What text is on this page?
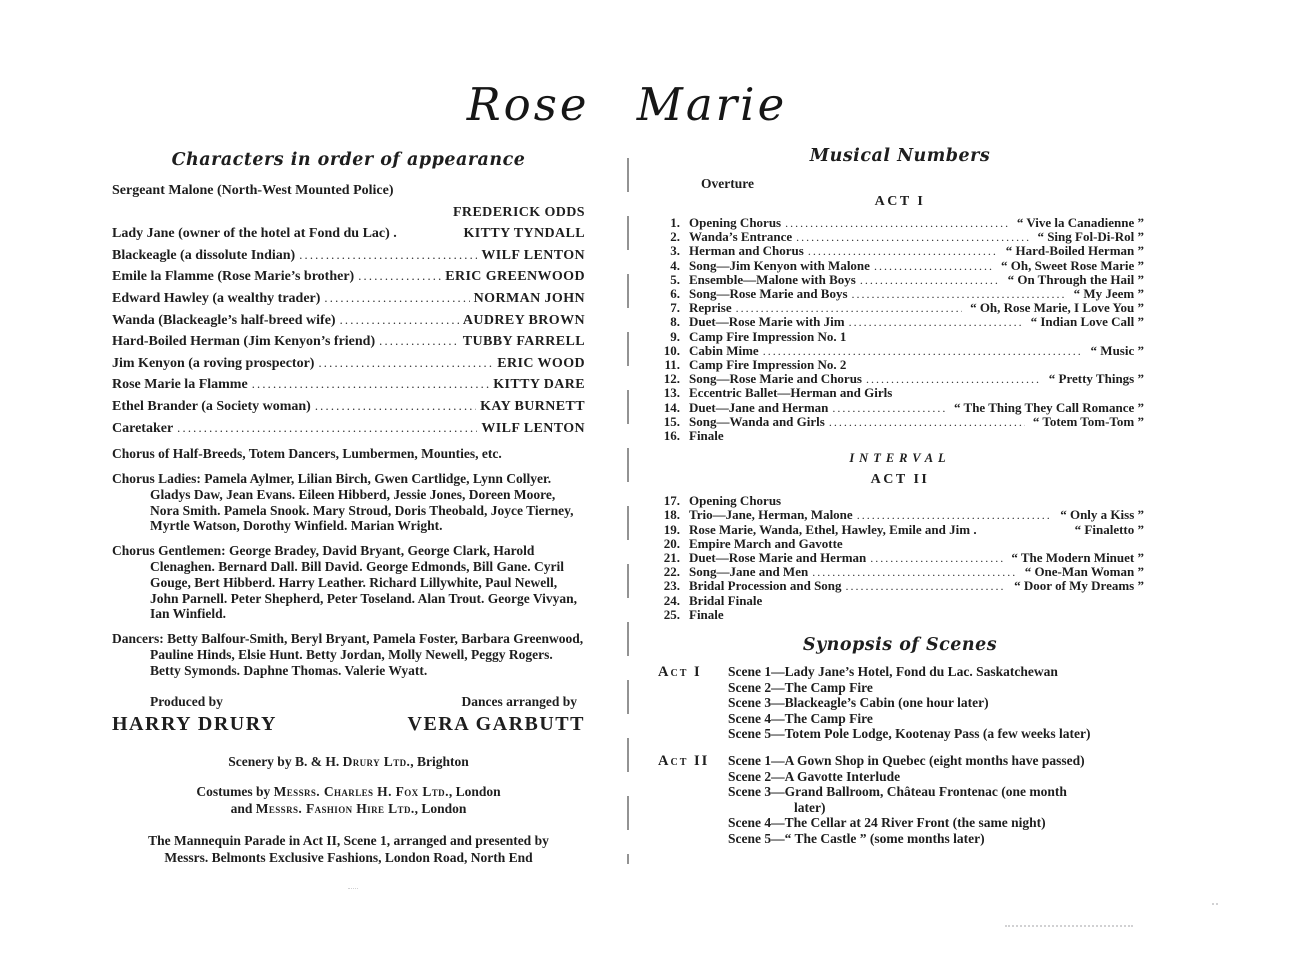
Rose Marie
Characters in order of appearance
Sergeant Malone (North-West Mounted Police)
FREDERICK ODDS
Lady Jane (owner of the hotel at Fond du Lac) .	KITTY TYNDALL
Blackeagle (a dissolute Indian) .....	WILF LENTON
Emile la Flamme (Rose Marie’s brother) .....	ERIC GREENWOOD
Edward Hawley (a wealthy trader) .....	NORMAN JOHN
Wanda (Blackeagle’s half-breed wife) .....	AUDREY BROWN
Hard-Boiled Herman (Jim Kenyon’s friend) .....	TUBBY FARRELL
Jim Kenyon (a roving prospector) .....	ERIC WOOD
Rose Marie la Flamme .....	KITTY DARE
Ethel Brander (a Society woman) .....	KAY BURNETT
Caretaker .....	WILF LENTON

Chorus of Half-Breeds, Totem Dancers, Lumbermen, Mounties, etc.

Chorus Ladies: Pamela Aylmer, Lilian Birch, Gwen Cartlidge, Lynn Collyer. Gladys Daw, Jean Evans. Eileen Hibberd, Jessie Jones, Doreen Moore, Nora Smith. Pamela Snook. Mary Stroud, Doris Theobald, Joyce Tierney, Myrtle Watson, Dorothy Winfield. Marian Wright.

Chorus Gentlemen: George Bradey, David Bryant, George Clark, Harold Clenaghen. Bernard Dall. Bill David. George Edmonds, Bill Gane. Cyril Gouge, Bert Hibberd. Harry Leather. Richard Lillywhite, Paul Newell, John Parnell. Peter Shepherd, Peter Toseland. Alan Trout. George Vivyan, Ian Winfield.

Dancers: Betty Balfour-Smith, Beryl Bryant, Pamela Foster, Barbara Greenwood, Pauline Hinds, Elsie Hunt. Betty Jordan, Molly Newell, Peggy Rogers. Betty Symonds. Daphne Thomas. Valerie Wyatt.

Produced by	Dances arranged by
HARRY DRURY	VERA GARBUTT

Scenery by B. & H. Drury Ltd., Brighton

Costumes by Messrs. Charles H. Fox Ltd., London
and Messrs. Fashion Hire Ltd., London

The Mannequin Parade in Act II, Scene 1, arranged and presented by
Messrs. Belmonts Exclusive Fashions, London Road, North End

Musical Numbers
Overture
ACT I
1. Opening Chorus .....	“ Vive la Canadienne ”
2. Wanda’s Entrance .....	“ Sing Fol-Di-Rol ”
3. Herman and Chorus .....	“ Hard-Boiled Herman ”
4. Song—Jim Kenyon with Malone .....	“ Oh, Sweet Rose Marie ”
5. Ensemble—Malone with Boys .....	“ On Through the Hail ”
6. Song—Rose Marie and Boys .....	“ My Jeem ”
7. Reprise .....	“ Oh, Rose Marie, I Love You ”
8. Duet—Rose Marie with Jim .....	“ Indian Love Call ”
9. Camp Fire Impression No. 1
10. Cabin Mime .....	“ Music ”
11. Camp Fire Impression No. 2
12. Song—Rose Marie and Chorus .....	“ Pretty Things ”
13. Eccentric Ballet—Herman and Girls
14. Duet—Jane and Herman .....	“ The Thing They Call Romance ”
15. Song—Wanda and Girls .....	“ Totem Tom-Tom ”
16. Finale
INTERVAL
ACT II
17. Opening Chorus
18. Trio—Jane, Herman, Malone .....	“ Only a Kiss ”
19. Rose Marie, Wanda, Ethel, Hawley, Emile and Jim .	“ Finaletto ”
20. Empire March and Gavotte
21. Duet—Rose Marie and Herman .....	“ The Modern Minuet ”
22. Song—Jane and Men .....	“ One-Man Woman ”
23. Bridal Procession and Song .....	“ Door of My Dreams ”
24. Bridal Finale
25. Finale
Synopsis of Scenes
Act I	Scene 1—Lady Jane’s Hotel, Fond du Lac. Saskatchewan
Scene 2—The Camp Fire
Scene 3—Blackeagle’s Cabin (one hour later)
Scene 4—The Camp Fire
Scene 5—Totem Pole Lodge, Kootenay Pass (a few weeks later)
Act II	Scene 1—A Gown Shop in Quebec (eight months have passed)
Scene 2—A Gavotte Interlude
Scene 3—Grand Ballroom, Château Frontenac (one month later)
Scene 4—The Cellar at 24 River Front (the same night)
Scene 5—“ The Castle ” (some months later)
